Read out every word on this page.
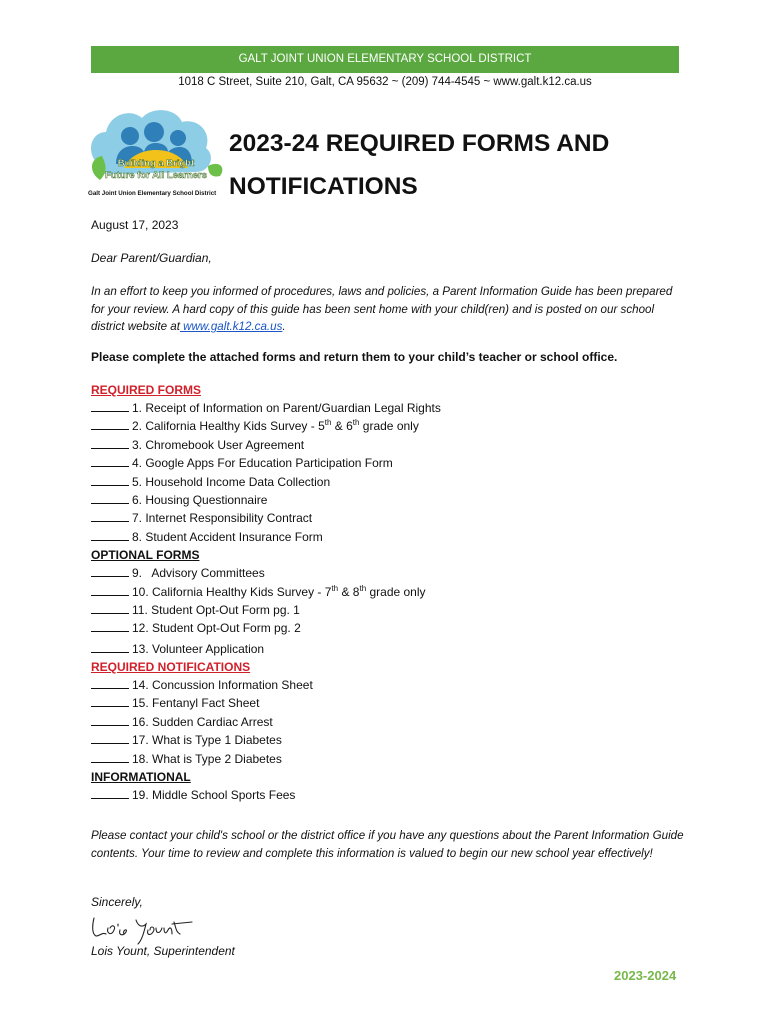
GALT JOINT UNION ELEMENTARY SCHOOL DISTRICT
1018 C Street, Suite 210, Galt, CA 95632 ~ (209) 744-4545 ~ www.galt.k12.ca.us
Building a Bright
Future for All Learners
Galt Joint Union Elementary School District
2023-24 REQUIRED FORMS AND
NOTIFICATIONS
August 17, 2023
Dear Parent/Guardian,

In an effort to keep you informed of procedures, laws and policies, a Parent Information Guide has been prepared for your review. A hard copy of this guide has been sent home with your child(ren) and is posted on our school district website at www.galt.k12.ca.us.

Please complete the attached forms and return them to your child’s teacher or school office.
REQUIRED FORMS
1. Receipt of Information on Parent/Guardian Legal Rights
2. California Healthy Kids Survey - 5th & 6th grade only
3. Chromebook User Agreement
4. Google Apps For Education Participation Form
5. Household Income Data Collection
6. Housing Questionnaire
7. Internet Responsibility Contract
8. Student Accident Insurance Form
OPTIONAL FORMS
9.   Advisory Committees
10. California Healthy Kids Survey - 7th & 8th grade only
11. Student Opt-Out Form pg. 1
12. Student Opt-Out Form pg. 2
13. Volunteer Application
REQUIRED NOTIFICATIONS
14. Concussion Information Sheet
15. Fentanyl Fact Sheet
16. Sudden Cardiac Arrest
17. What is Type 1 Diabetes
18. What is Type 2 Diabetes
INFORMATIONAL
19. Middle School Sports Fees

Please contact your child's school or the district office if you have any questions about the Parent Information Guide contents. Your time to review and complete this information is valued to begin our new school year effectively!

Sincerely,
Lois Yount, Superintendent
2023-2024
